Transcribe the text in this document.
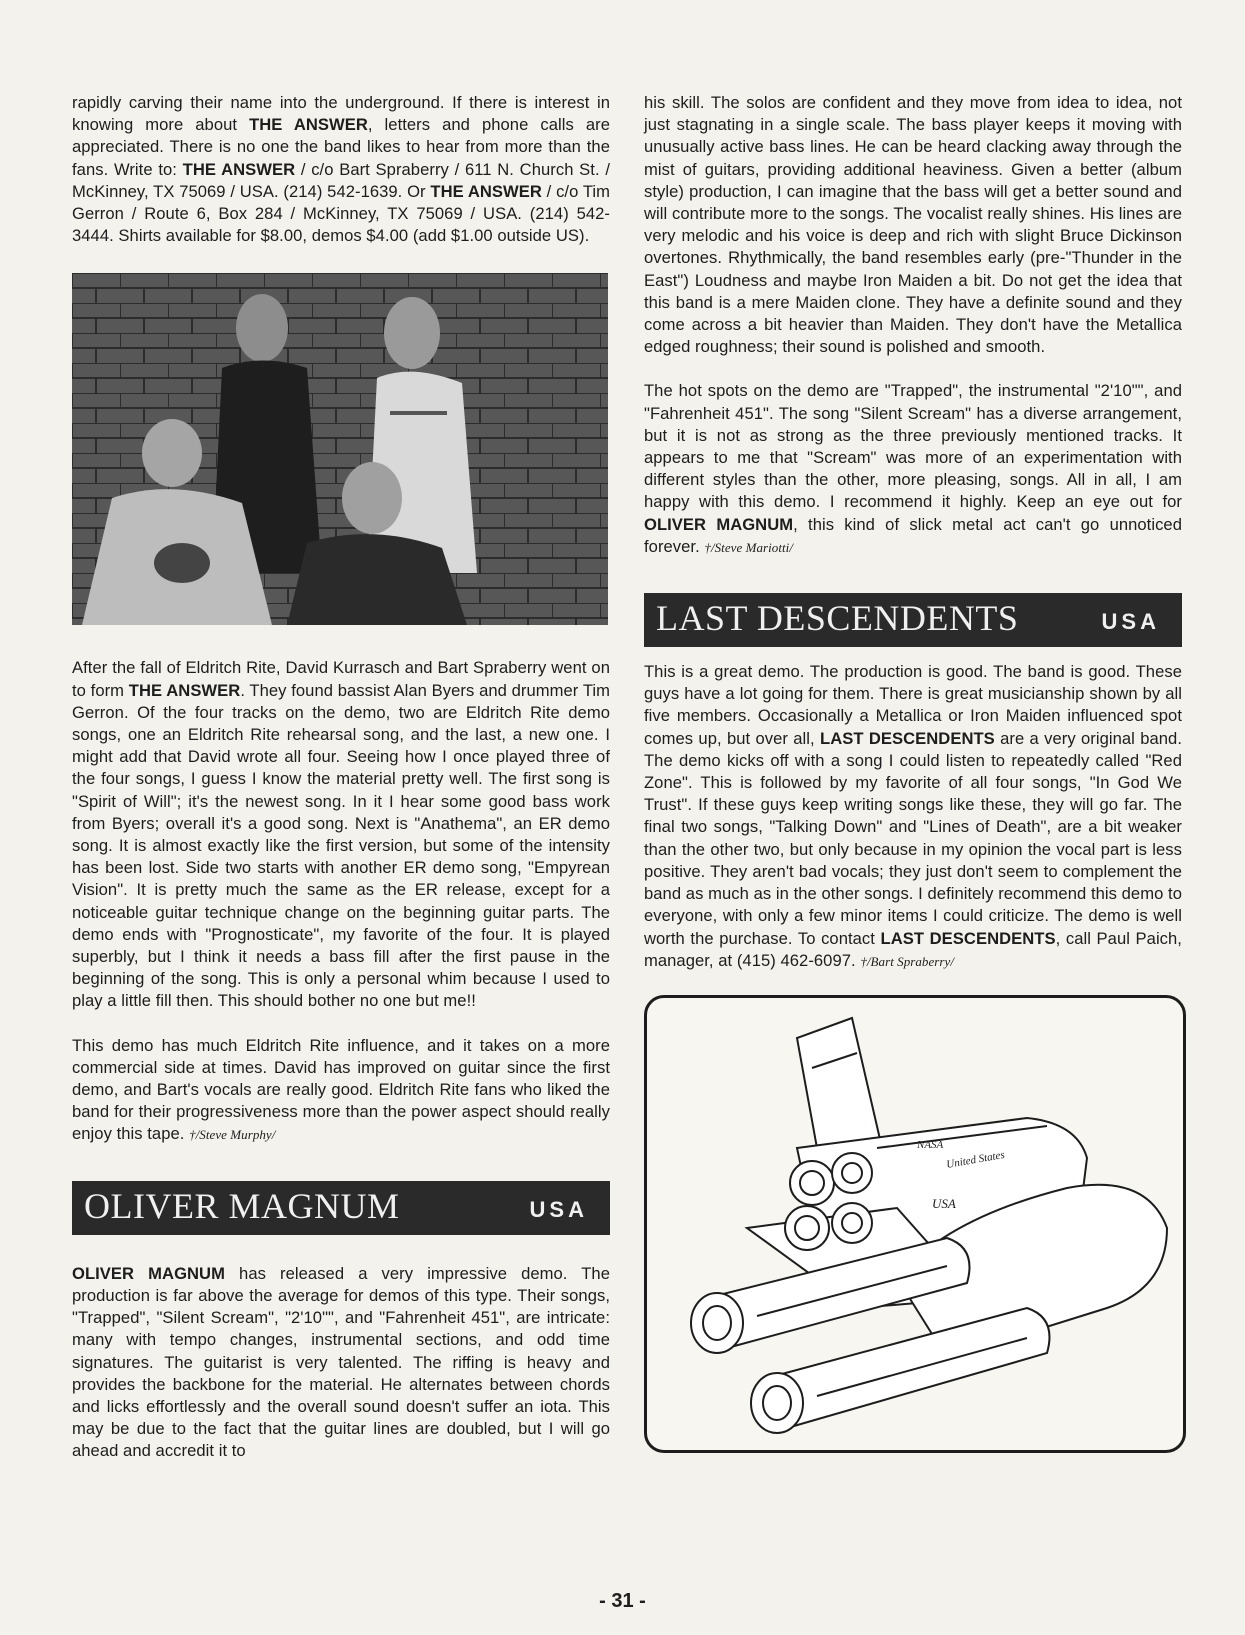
rapidly carving their name into the underground. If there is interest in knowing more about THE ANSWER, letters and phone calls are appreciated. There is no one the band likes to hear from more than the fans. Write to: THE ANSWER / c/o Bart Spraberry / 611 N. Church St. / McKinney, TX 75069 / USA. (214) 542-1639. Or THE ANSWER / c/o Tim Gerron / Route 6, Box 284 / McKinney, TX 75069 / USA. (214) 542-3444. Shirts available for $8.00, demos $4.00 (add $1.00 outside US).

After the fall of Eldritch Rite, David Kurrasch and Bart Spraberry went on to form THE ANSWER. They found bassist Alan Byers and drummer Tim Gerron. Of the four tracks on the demo, two are Eldritch Rite demo songs, one an Eldritch Rite rehearsal song, and the last, a new one. I might add that David wrote all four. Seeing how I once played three of the four songs, I guess I know the material pretty well. The first song is "Spirit of Will"; it's the newest song. In it I hear some good bass work from Byers; overall it's a good song. Next is "Anathema", an ER demo song. It is almost exactly like the first version, but some of the intensity has been lost. Side two starts with another ER demo song, "Empyrean Vision". It is pretty much the same as the ER release, except for a noticeable guitar technique change on the beginning guitar parts. The demo ends with "Prognosticate", my favorite of the four. It is played superbly, but I think it needs a bass fill after the first pause in the beginning of the song. This is only a personal whim because I used to play a little fill then. This should bother no one but me!!

This demo has much Eldritch Rite influence, and it takes on a more commercial side at times. David has improved on guitar since the first demo, and Bart's vocals are really good. Eldritch Rite fans who liked the band for their progressiveness more than the power aspect should really enjoy this tape. †/Steve Murphy/

OLIVER MAGNUM	USA

OLIVER MAGNUM has released a very impressive demo. The production is far above the average for demos of this type. Their songs, "Trapped", "Silent Scream", "2'10"", and "Fahrenheit 451", are intricate: many with tempo changes, instrumental sections, and odd time signatures. The guitarist is very talented. The riffing is heavy and provides the backbone for the material. He alternates between chords and licks effortlessly and the overall sound doesn't suffer an iota. This may be due to the fact that the guitar lines are doubled, but I will go ahead and accredit it to

his skill. The solos are confident and they move from idea to idea, not just stagnating in a single scale. The bass player keeps it moving with unusually active bass lines. He can be heard clacking away through the mist of guitars, providing additional heaviness. Given a better (album style) production, I can imagine that the bass will get a better sound and will contribute more to the songs. The vocalist really shines. His lines are very melodic and his voice is deep and rich with slight Bruce Dickinson overtones. Rhythmically, the band resembles early (pre-"Thunder in the East") Loudness and maybe Iron Maiden a bit. Do not get the idea that this band is a mere Maiden clone. They have a definite sound and they come across a bit heavier than Maiden. They don't have the Metallica edged roughness; their sound is polished and smooth.

The hot spots on the demo are "Trapped", the instrumental "2'10"", and "Fahrenheit 451". The song "Silent Scream" has a diverse arrangement, but it is not as strong as the three previously mentioned tracks. It appears to me that "Scream" was more of an experimentation with different styles than the other, more pleasing, songs. All in all, I am happy with this demo. I recommend it highly. Keep an eye out for OLIVER MAGNUM, this kind of slick metal act can't go unnoticed forever. †/Steve Mariotti/

LAST DESCENDENTS	USA

This is a great demo. The production is good. The band is good. These guys have a lot going for them. There is great musicianship shown by all five members. Occasionally a Metallica or Iron Maiden influenced spot comes up, but over all, LAST DESCENDENTS are a very original band. The demo kicks off with a song I could listen to repeatedly called "Red Zone". This is followed by my favorite of all four songs, "In God We Trust". If these guys keep writing songs like these, they will go far. The final two songs, "Talking Down" and "Lines of Death", are a bit weaker than the other two, but only because in my opinion the vocal part is less positive. They aren't bad vocals; they just don't seem to complement the band as much as in the other songs. I definitely recommend this demo to everyone, with only a few minor items I could criticize. The demo is well worth the purchase. To contact LAST DESCENDENTS, call Paul Paich, manager, at (415) 462-6097. †/Bart Spraberry/

NASA
United States
USA
- 31 -
